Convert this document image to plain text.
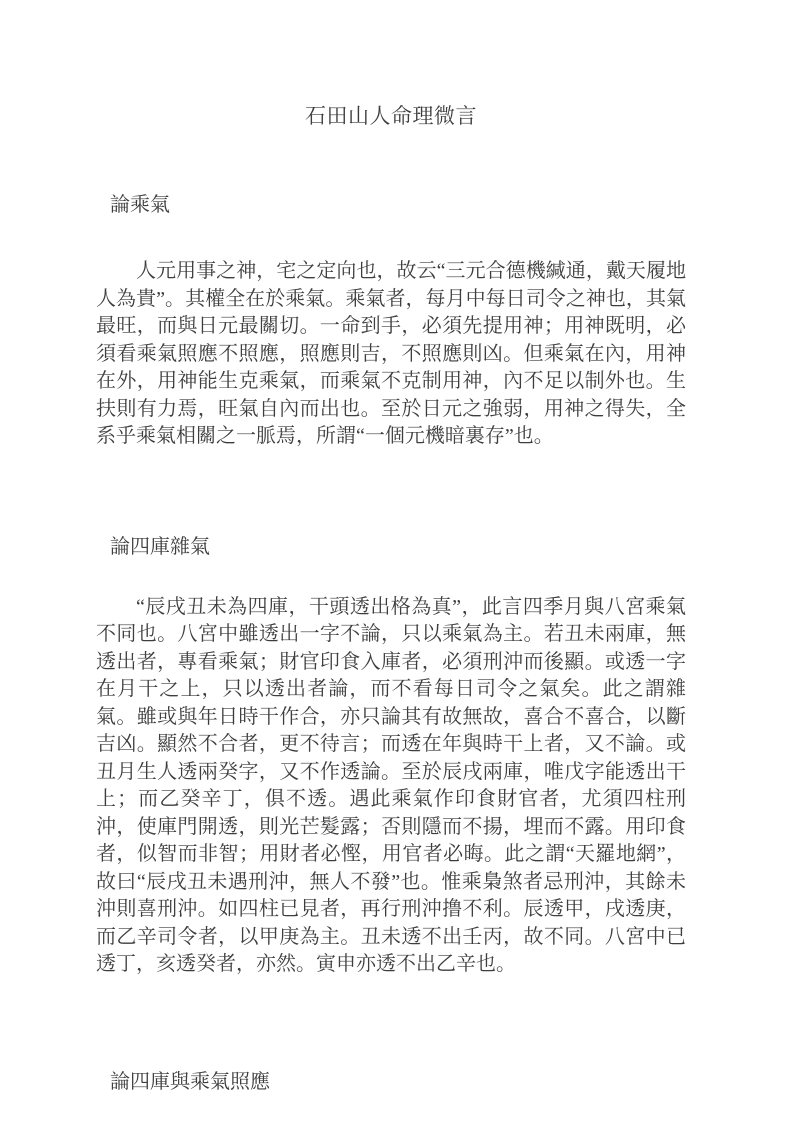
石田山人命理微言
論乘氣

人元用事之神，宅之定向也，故云“三元合德機緘通，戴天履地人為貴”。其權全在於乘氣。乘氣者，每月中每日司令之神也，其氣最旺，而與日元最關切。一命到手，必須先提用神；用神既明，必須看乘氣照應不照應，照應則吉，不照應則凶。但乘氣在內，用神在外，用神能生克乘氣，而乘氣不克制用神，內不足以制外也。生扶則有力焉，旺氣自內而出也。至於日元之強弱，用神之得失，全系乎乘氣相關之一脈焉，所謂“一個元機暗裏存”也。

論四庫雜氣

“辰戌丑未為四庫，干頭透出格為真”，此言四季月與八宮乘氣不同也。八宮中雖透出一字不論，只以乘氣為主。若丑未兩庫，無透出者，專看乘氣；財官印食入庫者，必須刑沖而後顯。或透一字在月干之上，只以透出者論，而不看每日司令之氣矣。此之謂雜氣。雖或與年日時干作合，亦只論其有故無故，喜合不喜合，以斷吉凶。顯然不合者，更不待言；而透在年與時干上者，又不論。或丑月生人透兩癸字，又不作透論。至於辰戌兩庫，唯戊字能透出干上；而乙癸辛丁，俱不透。遇此乘氣作印食財官者，尤須四柱刑沖，使庫門開透，則光芒髮露；否則隱而不揚，埋而不露。用印食者，似智而非智；用財者必慳，用官者必晦。此之謂“天羅地網”，故曰“辰戌丑未遇刑沖，無人不發”也。惟乘梟煞者忌刑沖，其餘未沖則喜刑沖。如四柱已見者，再行刑沖撸不利。辰透甲，戌透庚，而乙辛司令者，以甲庚為主。丑未透不出壬丙，故不同。八宮中已透丁，亥透癸者，亦然。寅申亦透不出乙辛也。

論四庫與乘氣照應
